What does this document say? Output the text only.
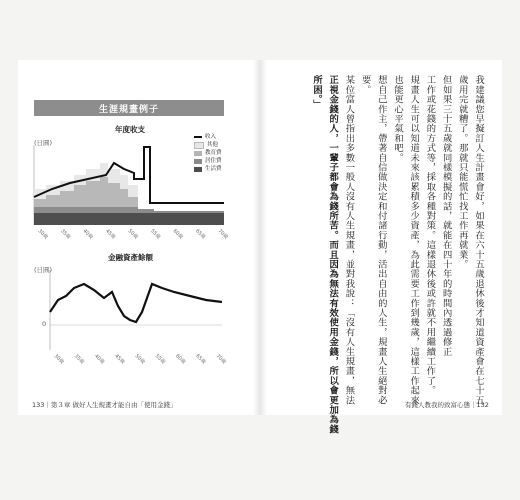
生涯規畫例子
年度收支
(日圓)
收入
其他
教育費
居住費
生活費
30歲 35歲 40歲 45歲 50歲 55歲 60歲 65歲 70歲
金融資產餘額
(日圓)
0
30歲 35歲 40歲 45歲 50歲 55歲 60歲 65歲 70歲
133｜第３章 做好人生規畫才能自由「使用金錢」
我建議您早擬訂人生計畫會好，如果在六十五歲退休後才知道資產會在七十五
歲用完就糟了。那就只能慌忙找工作再就業。
但如果三十五歲就同樣模擬的話，就能在四十年的時間內透過修正
工作或花錢的方式等，採取各種對策。這樣退休後或許就不用繼續工作了。
規畫人生可以知道未來該累積多少資產，為此需要工作到幾歲，這樣工作起來
也能更心平氣和吧。
想自己作主，帶著自信做決定和付諸行動，活出自由的人生，規畫人生絕對必
要。
某位富人曾指出多數一般人沒有人生規畫，並對我說：「沒有人生規畫，無法
正視金錢的人，一輩子都會為錢所苦。而且因為無法有效使用金錢，所以會更加為錢
所困。」
有錢人教我的致富心態｜132
